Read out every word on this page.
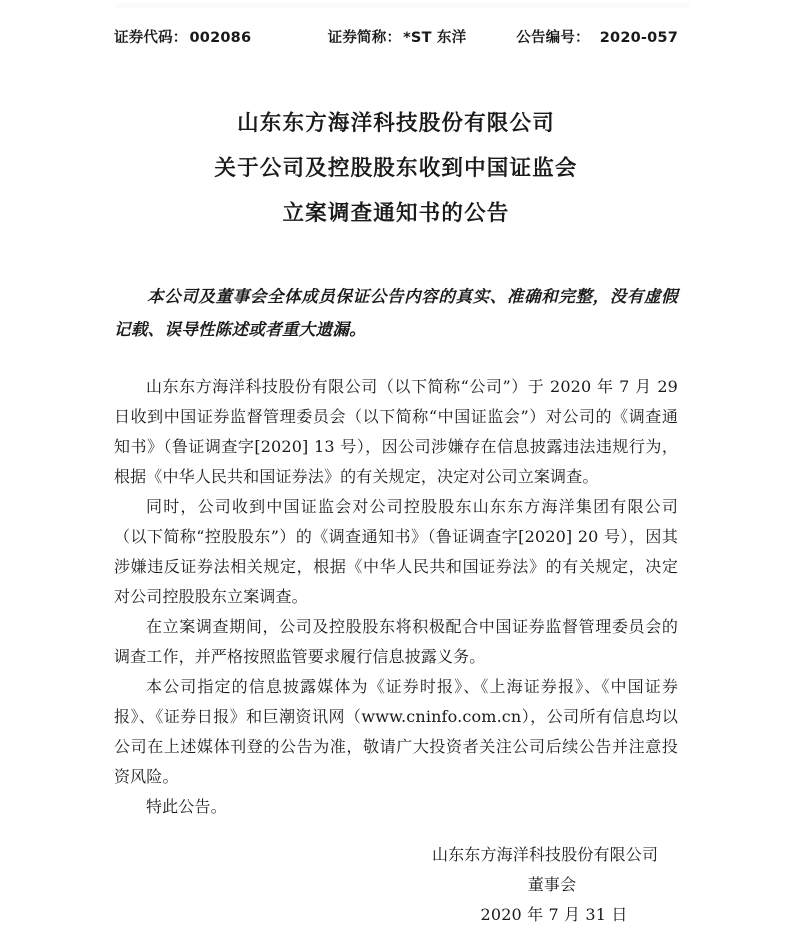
证券代码： 002086	证券简称： *ST 东洋	公告编号： 2020-057
山东东方海洋科技股份有限公司
关于公司及控股股东收到中国证监会
立案调查通知书的公告
本公司及董事会全体成员保证公告内容的真实、准确和完整，没有虚假记载、误导性陈述或者重大遗漏。

山东东方海洋科技股份有限公司（以下简称“公司”）于 2020 年 7 月 29 日收到中国证券监督管理委员会（以下简称“中国证监会”）对公司的《调查通知书》（鲁证调查字[2020] 13 号），因公司涉嫌存在信息披露违法违规行为，根据《中华人民共和国证券法》的有关规定，决定对公司立案调查。

同时，公司收到中国证监会对公司控股股东山东东方海洋集团有限公司（以下简称“控股股东”）的《调查通知书》（鲁证调查字[2020] 20 号），因其涉嫌违反证券法相关规定，根据《中华人民共和国证券法》的有关规定，决定对公司控股股东立案调查。

在立案调查期间，公司及控股股东将积极配合中国证券监督管理委员会的调查工作，并严格按照监管要求履行信息披露义务。

本公司指定的信息披露媒体为《证券时报》、《上海证券报》、《中国证券报》、《证券日报》和巨潮资讯网（www.cninfo.com.cn），公司所有信息均以公司在上述媒体刊登的公告为准，敬请广大投资者关注公司后续公告并注意投资风险。

特此公告。

山东东方海洋科技股份有限公司
董事会
2020 年 7 月 31 日
